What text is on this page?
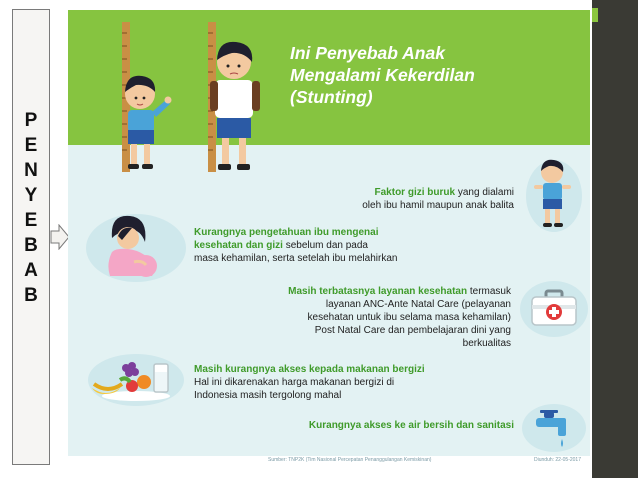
P
E
N
Y
E
B
A
B
Ini Penyebab Anak
Mengalami Kekerdilan
(Stunting)
Faktor gizi buruk yang dialami
oleh ibu hamil maupun anak balita
Kurangnya pengetahuan ibu mengenai
kesehatan dan gizi sebelum dan pada
masa kehamilan, serta setelah ibu melahirkan
Masih terbatasnya layanan kesehatan termasuk
layanan ANC-Ante Natal Care (pelayanan
kesehatan untuk ibu selama masa kehamilan)
Post Natal Care dan pembelajaran dini yang
berkualitas
Masih kurangnya akses kepada makanan bergizi
Hal ini dikarenakan harga makanan bergizi di
Indonesia masih tergolong mahal
Kurangnya akses ke air bersih dan sanitasi
Sumber: TNP2K (Tim Nasional Percepatan Penanggulangan Kemiskinan)	Diunduh: 22-05-2017
